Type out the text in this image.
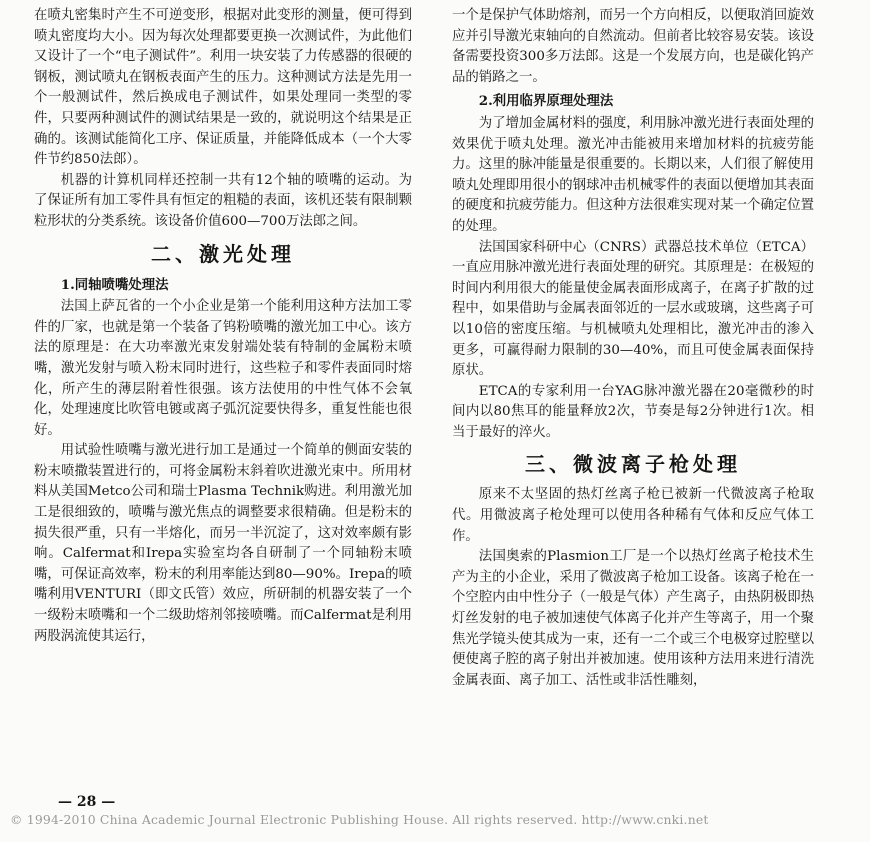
在喷丸密集时产生不可逆变形，根据对此变形的测量，便可得到喷丸密度均大小。因为每次处理都要更换一次测试件，为此他们又设计了一个“电子测试件”。利用一块安装了力传感器的很硬的钢板，测试喷丸在钢板表面产生的压力。这种测试方法是先用一个一般测试件，然后换成电子测试件，如果处理同一类型的零件，只要两种测试件的测试结果是一致的，就说明这个结果是正确的。该测试能简化工序、保证质量，并能降低成本（一个大零件节约850法郎）。

机器的计算机同样还控制一共有12个轴的喷嘴的运动。为了保证所有加工零件具有恒定的粗糙的表面，该机还装有限制颗粒形状的分类系统。该设备价值600—700万法郎之间。

二、激光处理
1.同轴喷嘴处理法

法国上萨瓦省的一个小企业是第一个能利用这种方法加工零件的厂家，也就是第一个装备了钨粉喷嘴的激光加工中心。该方法的原理是：在大功率激光束发射端处装有特制的金属粉末喷嘴，激光发射与喷入粉末同时进行，这些粒子和零件表面同时熔化，所产生的薄层附着性很强。该方法使用的中性气体不会氧化，处理速度比吹管电镀或离子弧沉淀要快得多，重复性能也很好。

用试验性喷嘴与激光进行加工是通过一个简单的侧面安装的粉末喷撒装置进行的，可将金属粉末斜着吹进激光束中。所用材料从美国Metco公司和瑞士Plasma Technik购进。利用激光加工是很细致的，喷嘴与激光焦点的调整要求很精确。但是粉末的损失很严重，只有一半熔化，而另一半沉淀了，这对效率颇有影响。Calfermat和Irepa实验室均各自研制了一个同轴粉末喷嘴，可保证高效率，粉末的利用率能达到80—90%。Irepa的喷嘴利用VENTURI（即文氏管）效应，所研制的机器安装了一个一级粉末喷嘴和一个二级助熔剂邻接喷嘴。而Calfermat是利用两股涡流使其运行，

一个是保护气体助熔剂，而另一个方向相反，以便取消回旋效应并引导激光束轴向的自然流动。但前者比较容易安装。该设备需要投资300多万法郎。这是一个发展方向，也是碳化钨产品的销路之一。

2.利用临界原理处理法

为了增加金属材料的强度，利用脉冲激光进行表面处理的效果优于喷丸处理。激光冲击能被用来增加材料的抗疲劳能力。这里的脉冲能量是很重要的。长期以来，人们很了解使用喷丸处理即用很小的钢球冲击机械零件的表面以便增加其表面的硬度和抗疲劳能力。但这种方法很难实现对某一个确定位置的处理。

法国国家科研中心（CNRS）武器总技术单位（ETCA）一直应用脉冲激光进行表面处理的研究。其原理是：在极短的时间内利用很大的能量使金属表面形成离子，在离子扩散的过程中，如果借助与金属表面邻近的一层水或玻璃，这些离子可以10倍的密度压缩。与机械喷丸处理相比，激光冲击的渗入更多，可赢得耐力限制的30—40%，而且可使金属表面保持原状。

ETCA的专家利用一台YAG脉冲激光器在20毫微秒的时间内以80焦耳的能量释放2次，节奏是每2分钟进行1次。相当于最好的淬火。

三、微波离子枪处理

原来不太坚固的热灯丝离子枪已被新一代微波离子枪取代。用微波离子枪处理可以使用各种稀有气体和反应气体工作。

法国奥索的Plasmion工厂是一个以热灯丝离子枪技术生产为主的小企业，采用了微波离子枪加工设备。该离子枪在一个空腔内由中性分子（一般是气体）产生离子，由热阴极即热灯丝发射的电子被加速使气体离子化并产生等离子，用一个聚焦光学镜头使其成为一束，还有一二个或三个电极穿过腔壁以便使离子腔的离子射出并被加速。使用该种方法用来进行清洗金属表面、离子加工、活性或非活性雕刻，

— 28 —
© 1994-2010 China Academic Journal Electronic Publishing House. All rights reserved. http://www.cnki.net
